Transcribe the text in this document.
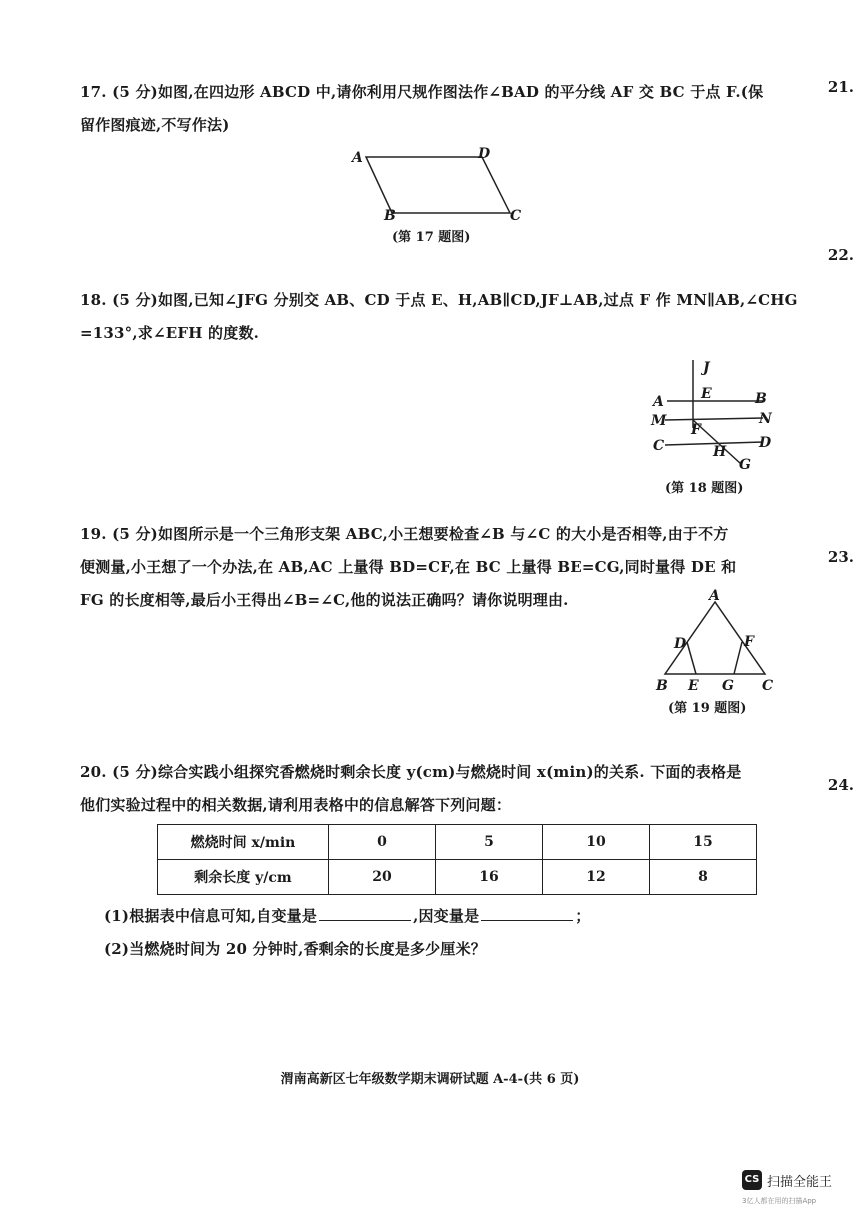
21.
22.
23.
24.
17. (5 分)如图,在四边形 ABCD 中,请你利用尺规作图法作∠BAD 的平分线 AF 交 BC 于点 F.(保
留作图痕迹,不写作法)
A	D
B	C
(第 17 题图)
18. (5 分)如图,已知∠JFG 分别交 AB、CD 于点 E、H,AB∥CD,JF⊥AB,过点 F 作 MN∥AB,∠CHG
=133°,求∠EFH 的度数.
J
A	E	B
M	N
F
C	H
D
G
(第 18 题图)
19. (5 分)如图所示是一个三角形支架 ABC,小王想要检查∠B 与∠C 的大小是否相等,由于不方
便测量,小王想了一个办法,在 AB,AC 上量得 BD=CF,在 BC 上量得 BE=CG,同时量得 DE 和
FG 的长度相等,最后小王得出∠B=∠C,他的说法正确吗？请你说明理由.	A
D	F
B E G C
(第 19 题图)
20. (5 分)综合实践小组探究香燃烧时剩余长度 y(cm)与燃烧时间 x(min)的关系. 下面的表格是
他们实验过程中的相关数据,请利用表格中的信息解答下列问题：
燃烧时间 x/min	0	5	10	15
剩余长度 y/cm	20	16	12	8
(1)根据表中信息可知,自变量是	,因变量是	；
(2)当燃烧时间为 20 分钟时,香剩余的长度是多少厘米？
渭南高新区七年级数学期末调研试题 A-4-(共 6 页)
CS 扫描全能王
3亿人都在用的扫描App
